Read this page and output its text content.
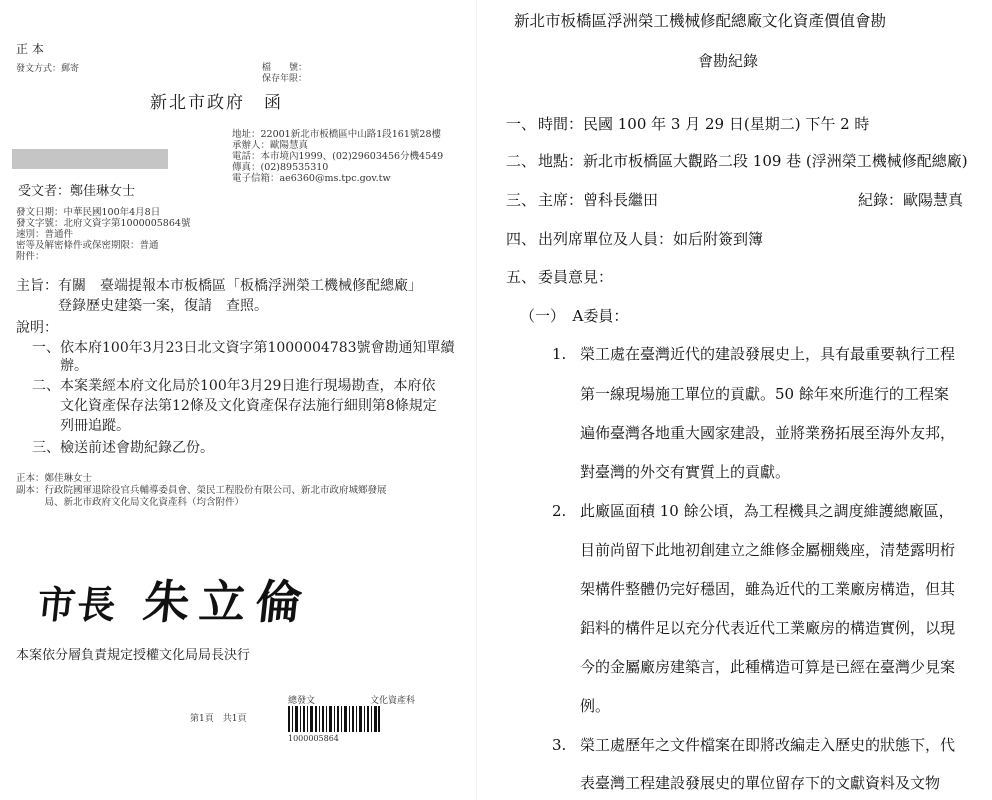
正 本
發文方式：郵寄	檔　　號：
保存年限：
新北市政府　函
地址：22001新北市板橋區中山路1段161號28樓
承辦人：歐陽慧真
電話：本市境內1999、(02)29603456分機4549
傳真：(02)89535310
電子信箱：ae6360@ms.tpc.gov.tw
受文者：鄭佳琳女士
發文日期：中華民國100年4月8日
發文字號：北府文資字第1000005864號
速別：普通件
密等及解密條件或保密期限：普通
附件：
主旨：有關　臺端提報本市板橋區「板橋浮洲榮工機械修配總廠」
　　　登錄歷史建築一案，復請　查照。
說明：
一、依本府100年3月23日北文資字第1000004783號會勘通知單續
　　辦。
二、本案業經本府文化局於100年3月29日進行現場勘查，本府依
　　文化資產保存法第12條及文化資產保存法施行細則第8條規定
　　列冊追蹤。
三、檢送前述會勘紀錄乙份。
正本：鄭佳琳女士
副本：行政院國軍退除役官兵輔導委員會、榮民工程股份有限公司、新北市政府城鄉發展
　　　局、新北市政府文化局文化資產科（均含附件）
市長 朱立倫
本案依分層負責規定授權文化局局長決行
第1頁　共1頁
總發文	文化資產科
1000005864
新北市板橋區浮洲榮工機械修配總廠文化資產價值會勘
會勘紀錄
一、 時間：民國 100 年 3 月 29 日(星期二) 下午 2 時
二、 地點：新北市板橋區大觀路二段 109 巷 (浮洲榮工機械修配總廠)
三、 主席：曾科長繼田	紀錄：歐陽慧真
四、 出列席單位及人員：如后附簽到簿
五、 委員意見：
（一）　A委員：
1. 榮工處在臺灣近代的建設發展史上，具有最重要執行工程
第一線現場施工單位的貢獻。50 餘年來所進行的工程案
遍佈臺灣各地重大國家建設，並將業務拓展至海外友邦，
對臺灣的外交有實質上的貢獻。
2. 此廠區面積 10 餘公頃，為工程機具之調度維護總廠區，
目前尚留下此地初創建立之維修金屬棚幾座，清楚露明桁
架構件整體仍完好穩固，雖為近代的工業廠房構造，但其
鋁料的構件足以充分代表近代工業廠房的構造實例，以現
今的金屬廠房建築言，此種構造可算是已經在臺灣少見案
例。
3. 榮工處歷年之文件檔案在即將改編走入歷史的狀態下，代
表臺灣工程建設發展史的單位留存下的文獻資料及文物
